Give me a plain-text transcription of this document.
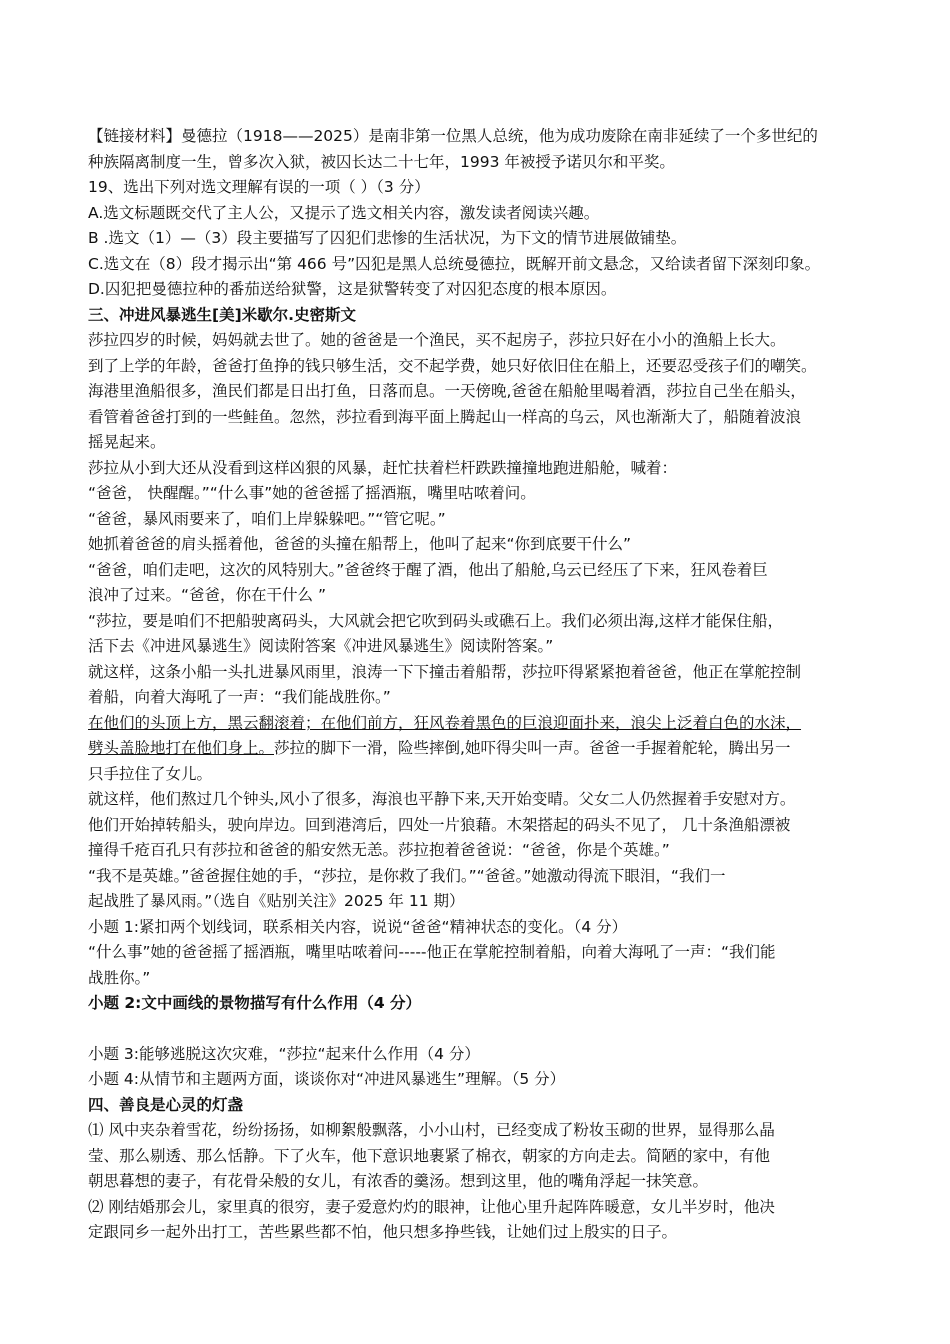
【链接材料】曼德拉（1918——2025）是南非第一位黑人总统，他为成功废除在南非延续了一个多世纪的
种族隔离制度一生，曾多次入狱，被囚长达二十七年，1993 年被授予诺贝尔和平奖。
19、选出下列对选文理解有误的一项（ ）（3 分）
A.选文标题既交代了主人公，又提示了选文相关内容，激发读者阅读兴趣。
B .选文（1）—（3）段主要描写了囚犯们悲惨的生活状况，为下文的情节进展做铺垫。
C.选文在（8）段才揭示出“第 466 号”囚犯是黑人总统曼德拉，既解开前文悬念，又给读者留下深刻印象。
D.囚犯把曼德拉种的番茄送给狱警，这是狱警转变了对囚犯态度的根本原因。
三、冲进风暴逃生[美]米歇尔.史密斯文
莎拉四岁的时候，妈妈就去世了。她的爸爸是一个渔民，买不起房子，莎拉只好在小小的渔船上长大。
到了上学的年龄，爸爸打鱼挣的钱只够生活，交不起学费，她只好依旧住在船上，还要忍受孩子们的嘲笑。
海港里渔船很多，渔民们都是日出打鱼，日落而息。一天傍晚,爸爸在船舱里喝着酒，莎拉自己坐在船头，
看管着爸爸打到的一些鲑鱼。忽然，莎拉看到海平面上腾起山一样高的乌云，风也渐渐大了，船随着波浪
摇晃起来。
莎拉从小到大还从没看到这样凶狠的风暴，赶忙扶着栏杆跌跌撞撞地跑进船舱，喊着：
“爸爸， 快醒醒。”“什么事”她的爸爸摇了摇酒瓶，嘴里咕哝着问。
“爸爸，暴风雨要来了，咱们上岸躲躲吧。”“管它呢。”
她抓着爸爸的肩头摇着他，爸爸的头撞在船帮上，他叫了起来“你到底要干什么”
“爸爸，咱们走吧，这次的风特别大。”爸爸终于醒了酒，他出了船舱,乌云已经压了下来，狂风卷着巨
浪冲了过来。“爸爸，你在干什么 ”
“莎拉，要是咱们不把船驶离码头，大风就会把它吹到码头或礁石上。我们必须出海,这样才能保住船，
活下去《冲进风暴逃生》阅读附答案《冲进风暴逃生》阅读附答案。”
就这样，这条小船一头扎进暴风雨里，浪涛一下下撞击着船帮，莎拉吓得紧紧抱着爸爸，他正在掌舵控制
着船，向着大海吼了一声：“我们能战胜你。”
在他们的头顶上方，黑云翻滚着；在他们前方，狂风卷着黑色的巨浪迎面扑来，浪尖上泛着白色的水沫，
劈头盖脸地打在他们身上。莎拉的脚下一滑，险些摔倒,她吓得尖叫一声。爸爸一手握着舵轮，腾出另一
只手拉住了女儿。
就这样，他们熬过几个钟头,风小了很多，海浪也平静下来,天开始变晴。父女二人仍然握着手安慰对方。
他们开始掉转船头，驶向岸边。回到港湾后，四处一片狼藉。木架搭起的码头不见了， 几十条渔船漂被
撞得千疮百孔只有莎拉和爸爸的船安然无恙。莎拉抱着爸爸说：“爸爸，你是个英雄。”
“我不是英雄。”爸爸握住她的手，“莎拉，是你救了我们。”“爸爸。”她激动得流下眼泪，“我们一
起战胜了暴风雨。”（选自《贴别关注》2025 年 11 期）
小题 1:紧扣两个划线词，联系相关内容，说说“爸爸“精神状态的变化。（4 分）
“什么事”她的爸爸摇了摇酒瓶，嘴里咕哝着问-----他正在掌舵控制着船，向着大海吼了一声：“我们能
战胜你。”
小题 2:文中画线的景物描写有什么作用（4 分）
小题 3:能够逃脱这次灾难，“莎拉“起来什么作用（4 分）
小题 4:从情节和主题两方面，谈谈你对“冲进风暴逃生”理解。（5 分）
四、善良是心灵的灯盏
⑴ 风中夹杂着雪花，纷纷扬扬，如柳絮般飘落，小小山村，已经变成了粉妆玉砌的世界，显得那么晶
莹、那么剔透、那么恬静。下了火车，他下意识地裹紧了棉衣，朝家的方向走去。简陋的家中，有他
朝思暮想的妻子，有花骨朵般的女儿，有浓香的羹汤。想到这里，他的嘴角浮起一抹笑意。
⑵ 刚结婚那会儿，家里真的很穷，妻子爱意灼灼的眼神，让他心里升起阵阵暖意，女儿半岁时，他决
定跟同乡一起外出打工，苦些累些都不怕，他只想多挣些钱，让她们过上殷实的日子。
